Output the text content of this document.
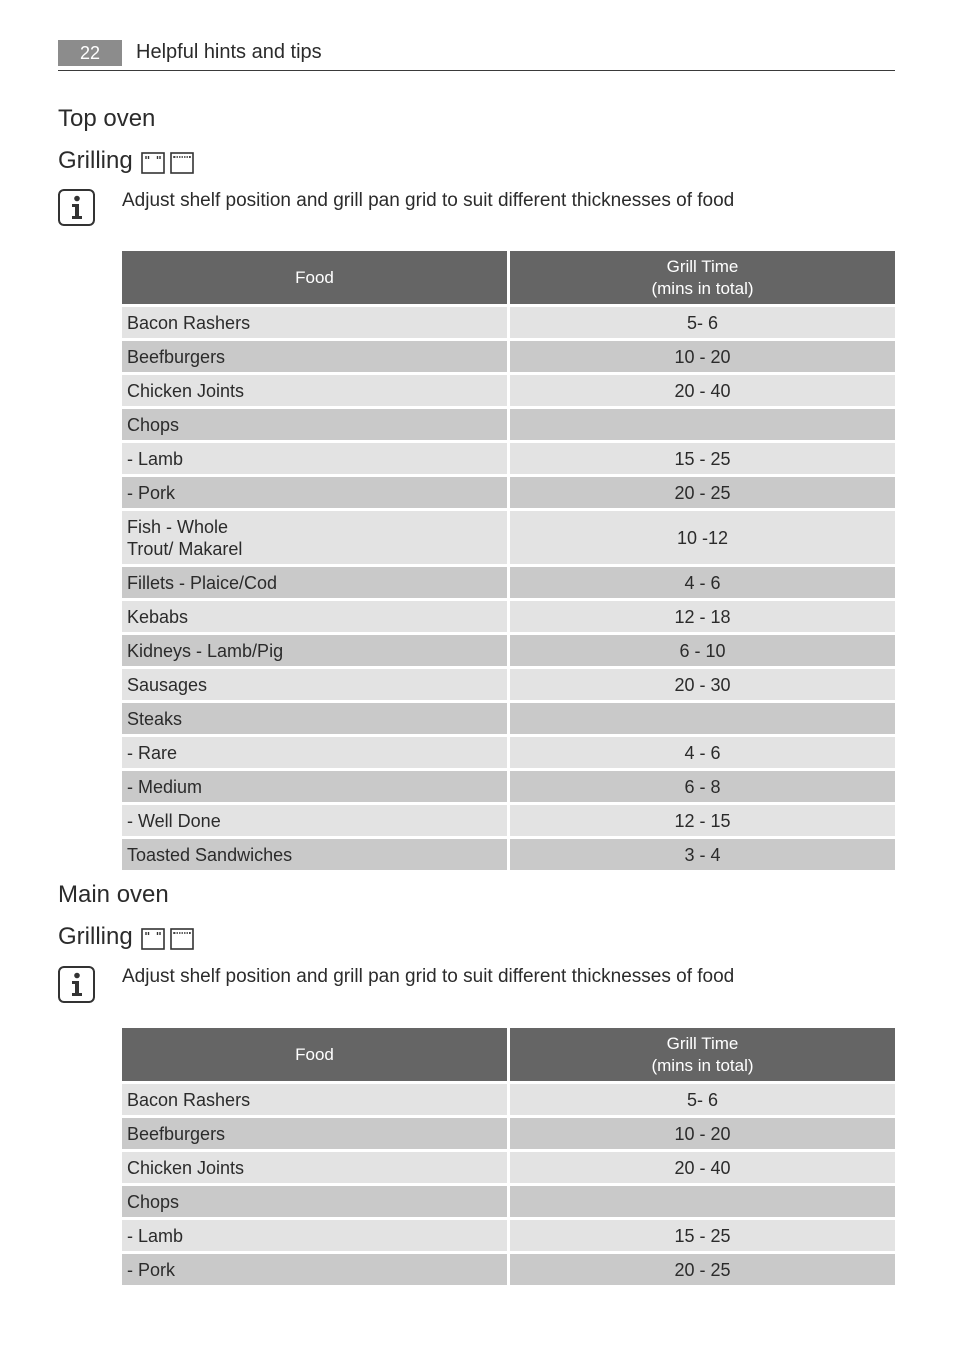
22	Helpful hints and tips
Top oven
Grilling
Adjust shelf position and grill pan grid to suit different thicknesses of food
Food	Grill Time
(mins in total)
Bacon Rashers	5- 6
Beefburgers	10 - 20
Chicken Joints	20 - 40
Chops	
- Lamb	15 - 25
- Pork	20 - 25
Fish - Whole
Trout/ Makarel	10 -12
Fillets - Plaice/Cod	4 - 6
Kebabs	12 - 18
Kidneys - Lamb/Pig	6 - 10
Sausages	20 - 30
Steaks	
- Rare	4 - 6
- Medium	6 - 8
- Well Done	12 - 15
Toasted Sandwiches	3 - 4
Main oven
Grilling
Adjust shelf position and grill pan grid to suit different thicknesses of food
Food	Grill Time
(mins in total)
Bacon Rashers	5- 6
Beefburgers	10 - 20
Chicken Joints	20 - 40
Chops	
- Lamb	15 - 25
- Pork	20 - 25
